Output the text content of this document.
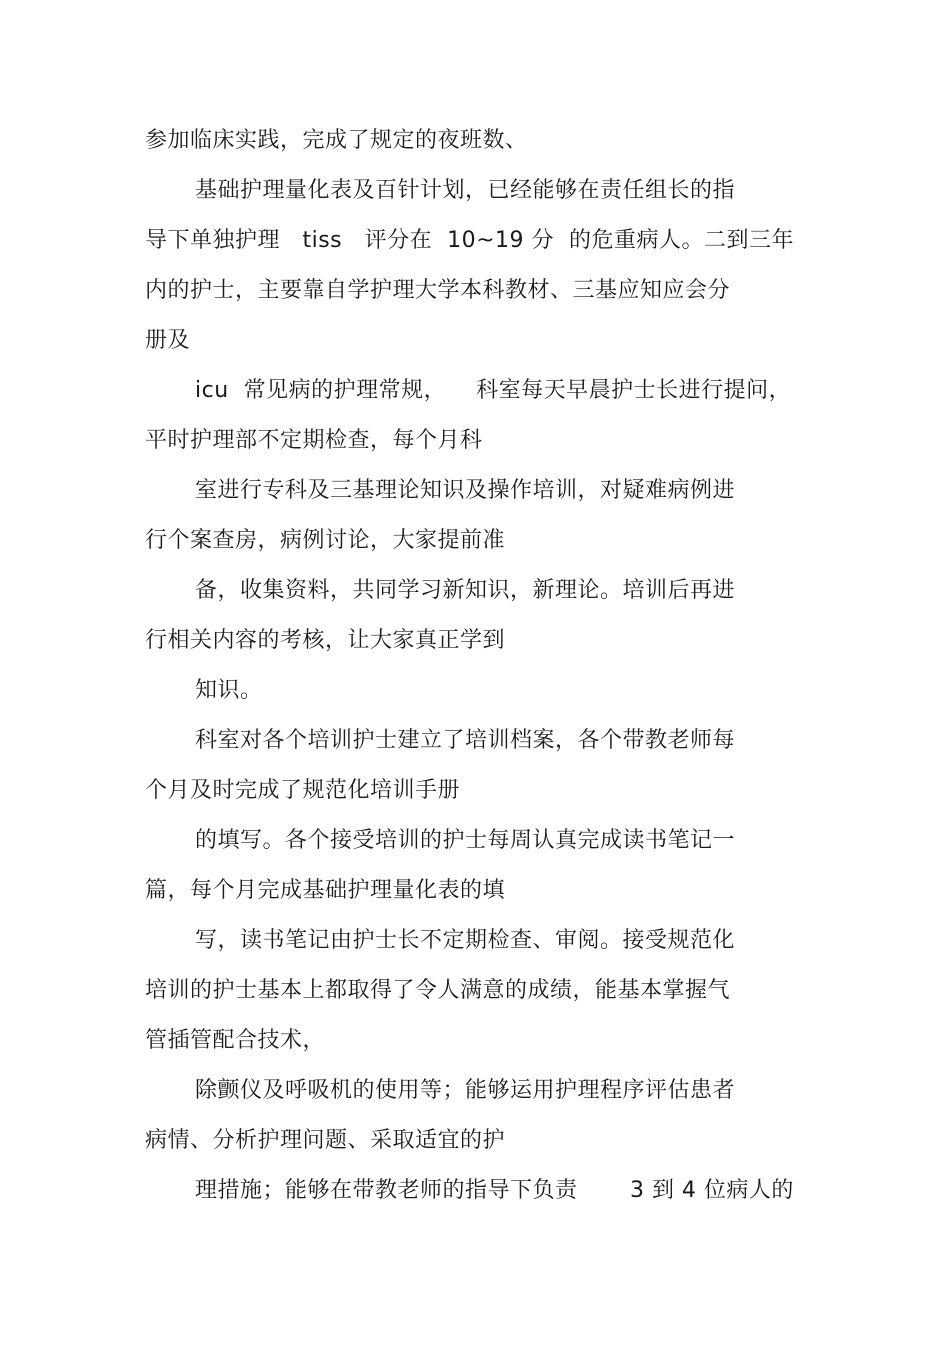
参加临床实践，完成了规定的夜班数、
基础护理量化表及百针计划，已经能够在责任组长的指
导下单独护理   tiss   评分在  10~19 分  的危重病人。二到三年
内的护士，主要靠自学护理大学本科教材、三基应知应会分
册及
icu  常见病的护理常规，    科室每天早晨护士长进行提问，
平时护理部不定期检查，每个月科
室进行专科及三基理论知识及操作培训，对疑难病例进
行个案查房，病例讨论，大家提前准
备，收集资料，共同学习新知识，新理论。培训后再进
行相关内容的考核，让大家真正学到
知识。
科室对各个培训护士建立了培训档案，各个带教老师每
个月及时完成了规范化培训手册
的填写。各个接受培训的护士每周认真完成读书笔记一
篇，每个月完成基础护理量化表的填
写，读书笔记由护士长不定期检查、审阅。接受规范化
培训的护士基本上都取得了令人满意的成绩，能基本掌握气
管插管配合技术，
除颤仪及呼吸机的使用等；能够运用护理程序评估患者
病情、分析护理问题、采取适宜的护
理措施；能够在带教老师的指导下负责       3 到 4 位病人的
